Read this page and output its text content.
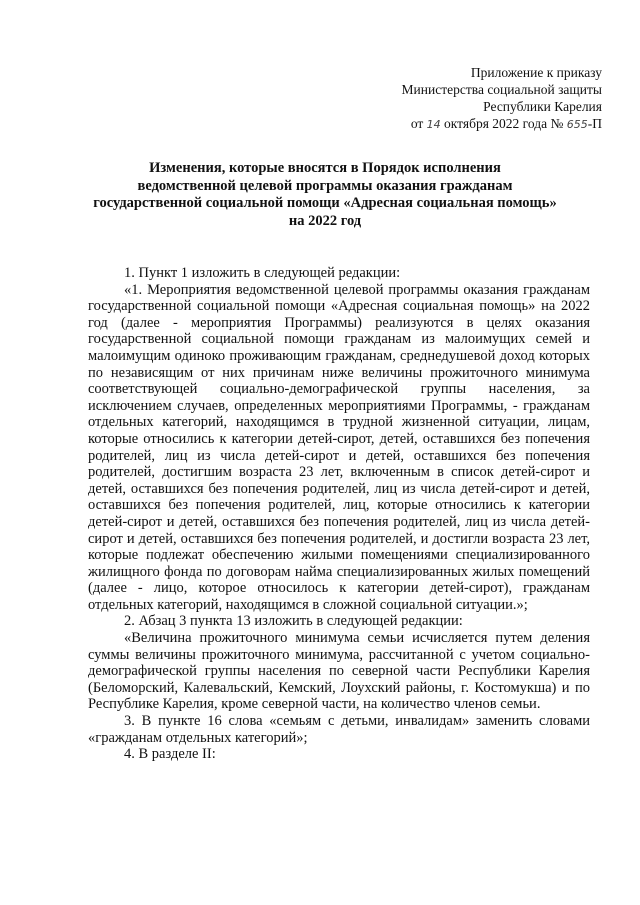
Приложение к приказу
Министерства социальной защиты
Республики Карелия
от 14 октября 2022 года № 655-П
Изменения, которые вносятся в Порядок исполнения
ведомственной целевой программы оказания гражданам
государственной социальной помощи «Адресная социальная помощь»
на 2022 год

1. Пункт 1 изложить в следующей редакции:

«1. Мероприятия ведомственной целевой программы оказания гражданам государственной социальной помощи «Адресная социальная помощь» на 2022 год (далее - мероприятия Программы) реализуются в целях оказания государственной социальной помощи гражданам из малоимущих семей и малоимущим одиноко проживающим гражданам, среднедушевой доход которых по независящим от них причинам ниже величины прожиточного минимума соответствующей социально-демографической группы населения, за исключением случаев, определенных мероприятиями Программы, - гражданам отдельных категорий, находящимся в трудной жизненной ситуации, лицам, которые относились к категории детей-сирот, детей, оставшихся без попечения родителей, лиц из числа детей-сирот и детей, оставшихся без попечения родителей, достигшим возраста 23 лет, включенным в список детей-сирот и детей, оставшихся без попечения родителей, лиц из числа детей-сирот и детей, оставшихся без попечения родителей, лиц, которые относились к категории детей-сирот и детей, оставшихся без попечения родителей, лиц из числа детей-сирот и детей, оставшихся без попечения родителей, и достигли возраста 23 лет, которые подлежат обеспечению жилыми помещениями специализированного жилищного фонда по договорам найма специализированных жилых помещений (далее - лицо, которое относилось к категории детей-сирот), гражданам отдельных категорий, находящимся в сложной социальной ситуации.»;

2. Абзац 3 пункта 13 изложить в следующей редакции:

«Величина прожиточного минимума семьи исчисляется путем деления суммы величины прожиточного минимума, рассчитанной с учетом социально-демографической группы населения по северной части Республики Карелия (Беломорский, Калевальский, Кемский, Лоухский районы, г. Костомукша) и по Республике Карелия, кроме северной части, на количество членов семьи.

3. В пункте 16 слова «семьям с детьми, инвалидам» заменить словами «гражданам отдельных категорий»;

4. В разделе II:
